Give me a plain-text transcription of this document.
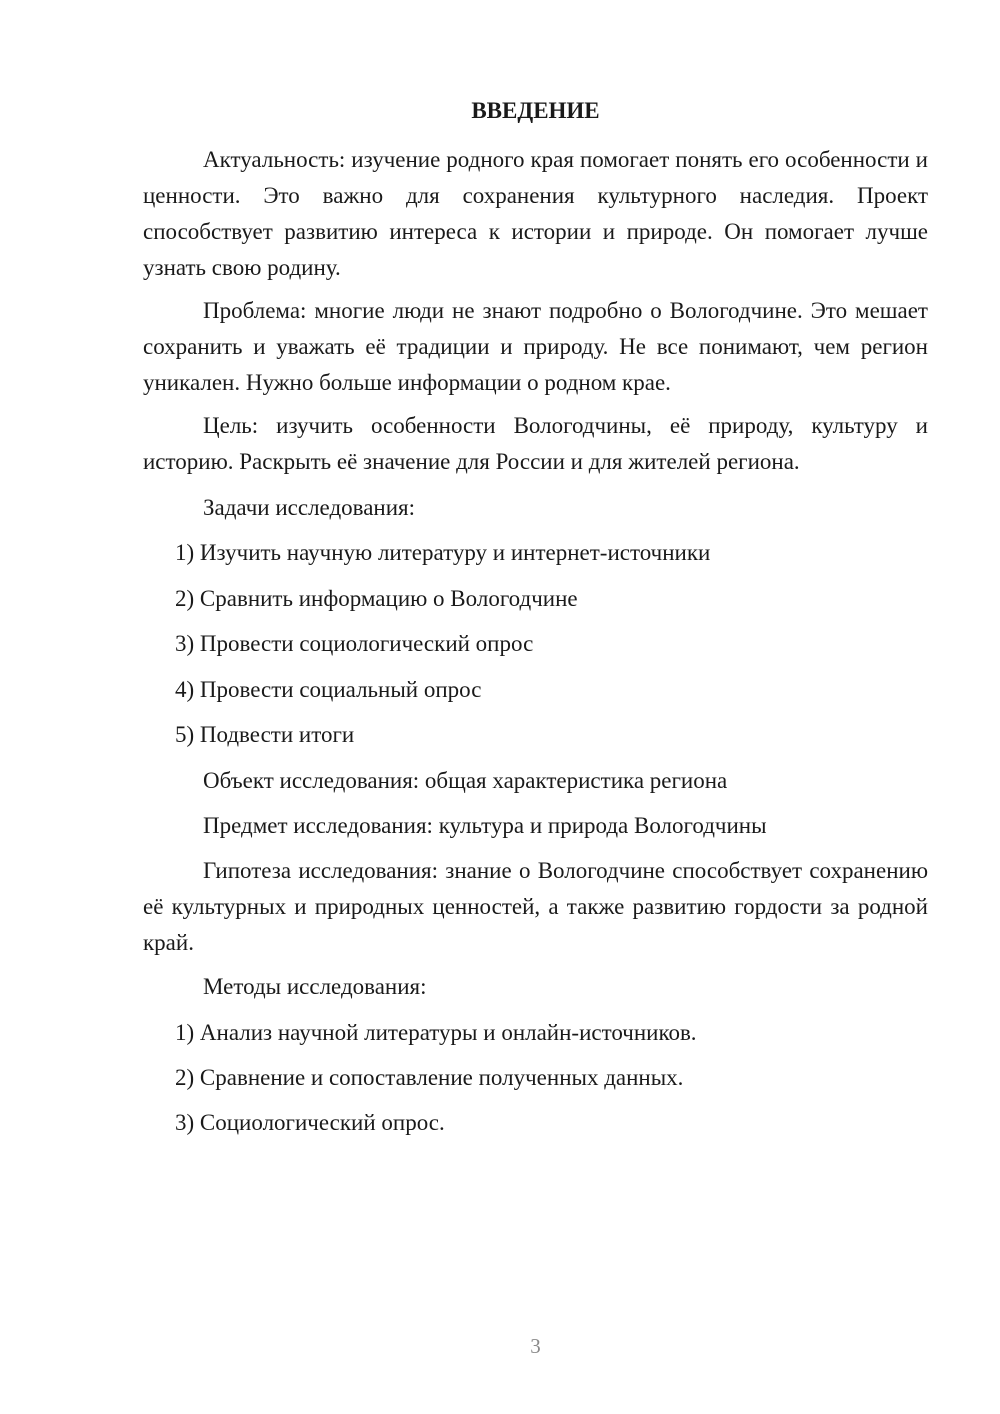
ВВЕДЕНИЕ

Актуальность: изучение родного края помогает понять его особенности и ценности. Это важно для сохранения культурного наследия. Проект способствует развитию интереса к истории и природе. Он помогает лучше узнать свою родину.

Проблема: многие люди не знают подробно о Вологодчине. Это мешает сохранить и уважать её традиции и природу. Не все понимают, чем регион уникален. Нужно больше информации о родном крае.

Цель: изучить особенности Вологодчины, её природу, культуру и историю. Раскрыть её значение для России и для жителей региона.

Задачи исследования:

1) Изучить научную литературу и интернет-источники

2) Сравнить информацию о Вологодчине

3) Провести социологический опрос

4) Провести социальный опрос

5) Подвести итоги

Объект исследования: общая характеристика региона

Предмет исследования: культура и природа Вологодчины

Гипотеза исследования: знание о Вологодчине способствует сохранению её культурных и природных ценностей, а также развитию гордости за родной край.

Методы исследования:

1) Анализ научной литературы и онлайн-источников.

2) Сравнение и сопоставление полученных данных.

3) Социологический опрос.

3
